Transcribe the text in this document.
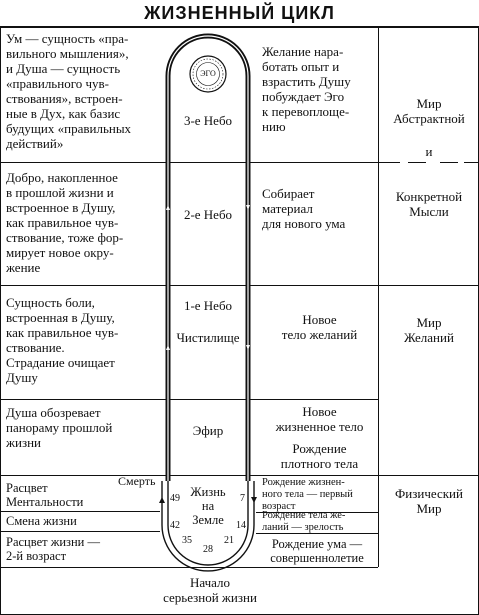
ЖИЗНЕННЫЙ ЦИКЛ
ЭГО
Ум — сущность «пра-
вильного мышления»,
и Душа — сущность
«правильного чув-
ствования», встроен-
ные в Дух, как базис
будущих «правильных
действий»
3-е Небо
Желание нара-
ботать опыт и
взрастить Душу
побуждает Эго
к перевоплоще-
нию
Добро, накопленное
в прошлой жизни и
встроенное в Душу,
как правильное чув-
ствование, тоже фор-
мирует новое окру-
жение
2-е Небо
Собирает
материал
для нового ума
Сущность боли,
встроенная в Душу,
как правильное чув-
ствование.
Страдание очищает
Душу
1-е Небо
Чистилище
Новое
тело желаний
Душа обозревает
панораму прошлой
жизни
Эфир
Новое
жизненное тело
Рождение
плотного тела
Смерть
Расцвет
Ментальности
Смена жизни
Расцвет жизни —
2-й возраст
Жизнь
на
Земле
Рождение жизнен-
ного тела — первый
возраст
Рождение тела же-
ланий — зрелость
Рождение ума —
совершеннолетие
49
42
35
28
21
14
7
Начало
серьезной жизни
Мир
Абстрактной
и
Конкретной
Мысли
Мир
Желаний
Физический
Мир
